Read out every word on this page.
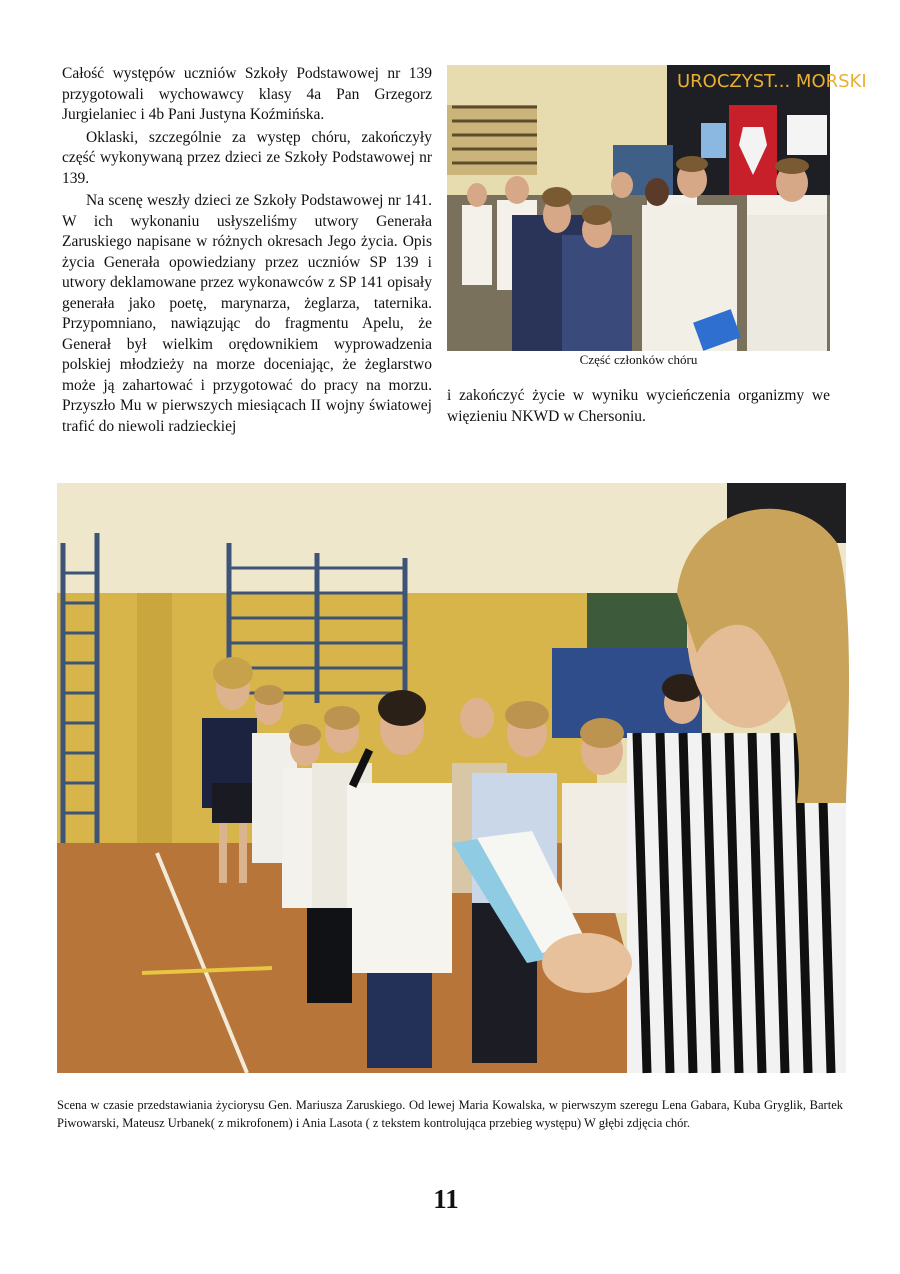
Całość występów uczniów Szkoły Podstawowej nr 139 przygotowali wychowawcy klasy 4a Pan Grzegorz Jurgielaniec i 4b Pani Justyna Koźmińska.

Oklaski, szczególnie za występ chóru, zakończyły część wykonywaną przez dzieci ze Szkoły Podstawowej nr 139.

Na scenę weszły dzieci ze Szkoły Podstawowej nr 141. W ich wykonaniu usłyszeliśmy utwory Generała Zaruskiego napisane w różnych okresach Jego życia. Opis życia Generała opowiedziany przez uczniów SP 139 i utwory deklamowane przez wykonawców z SP 141 opisały generała jako poetę, marynarza, żeglarza, taternika. Przypomniano, nawiązując do fragmentu Apelu, że Generał był wielkim orędownikiem wyprowadzenia polskiej młodzieży na morze doceniając, że żeglarstwo może ją zahartować i przygotować do pracy na morzu. Przyszło Mu w pierwszych miesiącach II wojny światowej trafić do niewoli radzieckiej

UROCZYST... MORSKI
Część członków chóru

i zakończyć życie w wyniku wycieńczenia organizmy we więzieniu NKWD w Chersoniu.

Scena w czasie przedstawiania życiorysu Gen. Mariusza Zaruskiego. Od lewej Maria Kowalska, w pierwszym szeregu Lena Gabara, Kuba Gryglik, Bartek Piwowarski, Mateusz Urbanek( z mikrofonem) i Ania Lasota ( z tekstem kontrolująca przebieg występu) W głębi zdjęcia chór.
11
